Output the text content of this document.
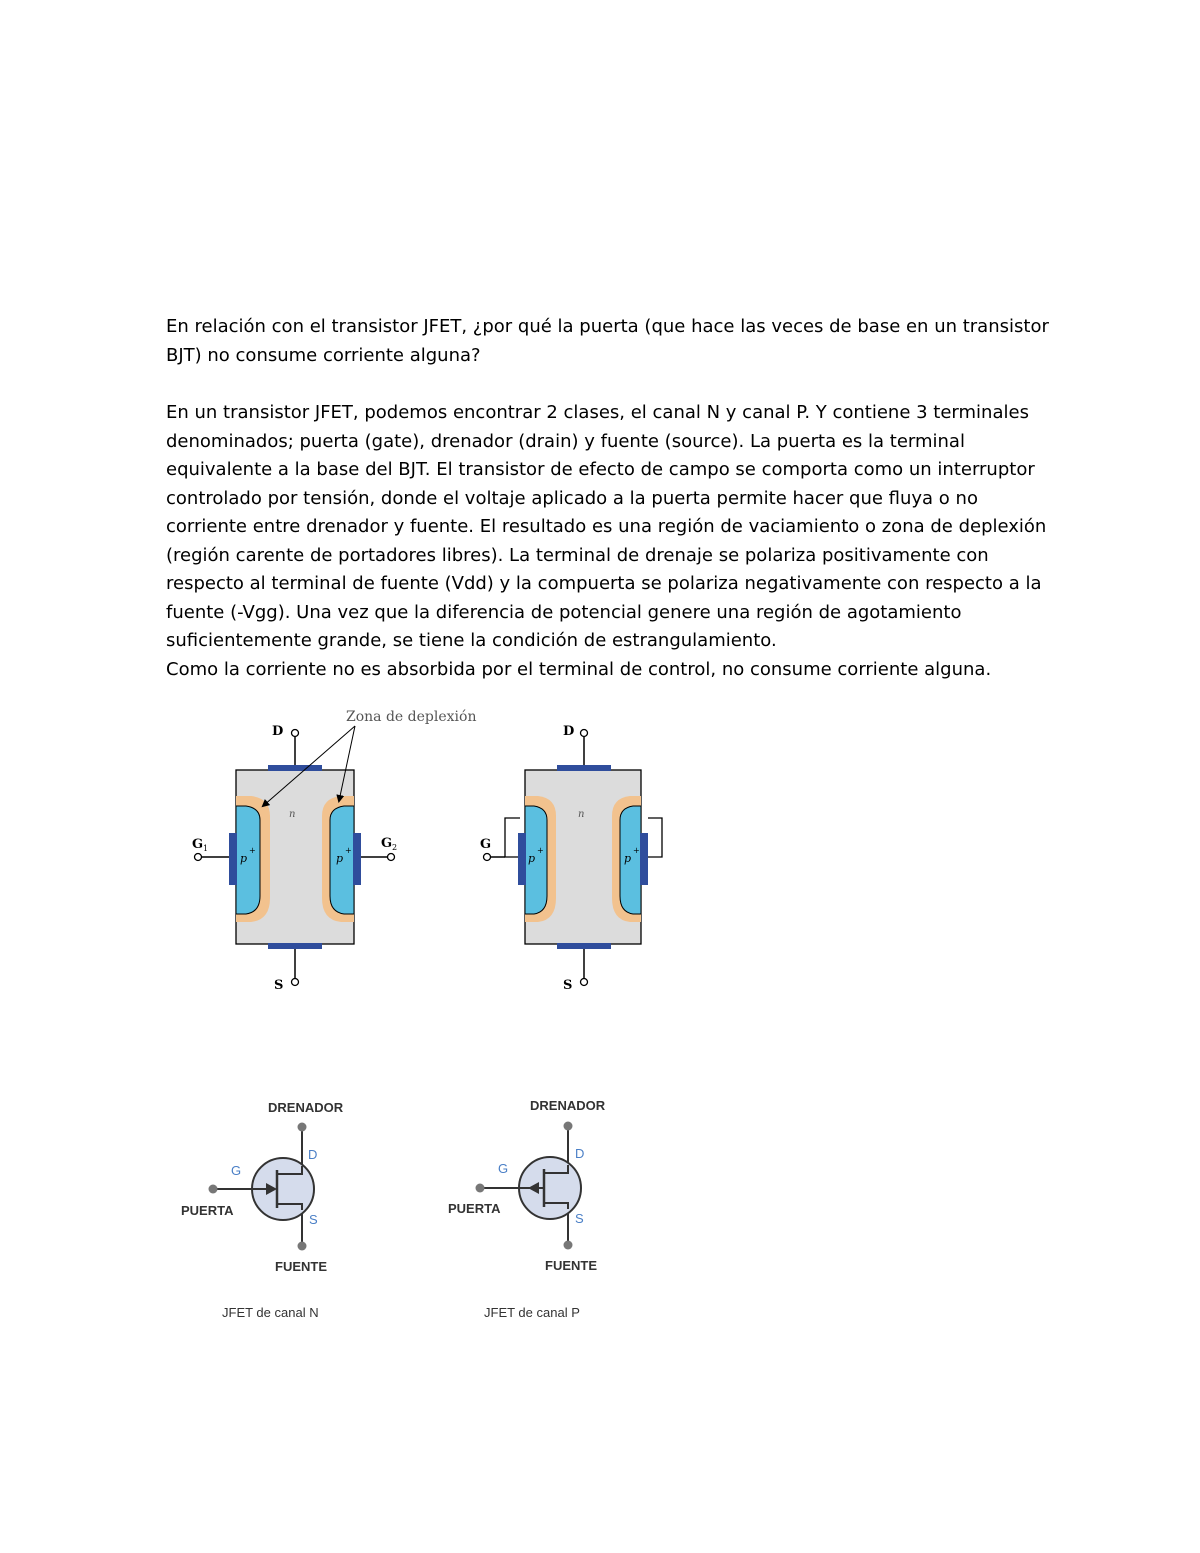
En relación con el transistor JFET, ¿por qué la puerta (que hace las veces de base en un transistor
BJT) no consume corriente alguna?
En un transistor JFET, podemos encontrar 2 clases, el canal N y canal P. Y contiene 3 terminales
denominados; puerta (gate), drenador (drain) y fuente (source). La puerta es la terminal
equivalente a la base del BJT. El transistor de efecto de campo se comporta como un interruptor
controlado por tensión, donde el voltaje aplicado a la puerta permite hacer que fluya o no
corriente entre drenador y fuente. El resultado es una región de vaciamiento o zona de deplexión
(región carente de portadores libres). La terminal de drenaje se polariza positivamente con
respecto al terminal de fuente (Vdd) y la compuerta se polariza negativamente con respecto a la
fuente (-Vgg). Una vez que la diferencia de potencial genere una región de agotamiento
suficientemente grande, se tiene la condición de estrangulamiento.
Como la corriente no es absorbida por el terminal de control, no consume corriente alguna.
Zona de deplexión
D
S
G 1	G 2
n
p
+
p
+
D
S
G
n
p
+
p
+
DRENADOR
D
G
S
PUERTA
FUENTE
JFET de canal N
DRENADOR
D
G
S
PUERTA
FUENTE
JFET de canal P
